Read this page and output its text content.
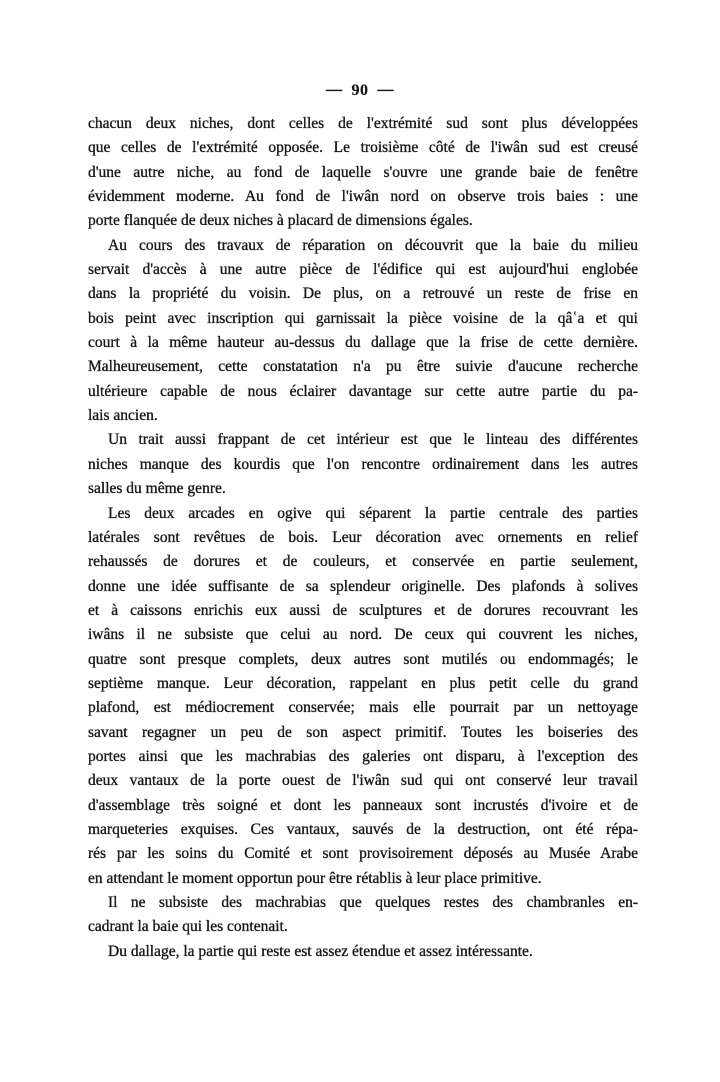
— 90 —
chacun deux niches, dont celles de l'extrémité sud sont plus développées
que celles de l'extrémité opposée. Le troisième côté de l'iwân sud est creusé
d'une autre niche, au fond de laquelle s'ouvre une grande baie de fenêtre
évidemment moderne. Au fond de l'iwân nord on observe trois baies : une
porte flanquée de deux niches à placard de dimensions égales.
Au cours des travaux de réparation on découvrit que la baie du milieu
servait d'accès à une autre pièce de l'édifice qui est aujourd'hui englobée
dans la propriété du voisin. De plus, on a retrouvé un reste de frise en
bois peint avec inscription qui garnissait la pièce voisine de la qâʿa et qui
court à la même hauteur au-dessus du dallage que la frise de cette dernière.
Malheureusement, cette constatation n'a pu être suivie d'aucune recherche
ultérieure capable de nous éclairer davantage sur cette autre partie du pa-
lais ancien.
Un trait aussi frappant de cet intérieur est que le linteau des différentes
niches manque des kourdis que l'on rencontre ordinairement dans les autres
salles du même genre.
Les deux arcades en ogive qui séparent la partie centrale des parties
latérales sont revêtues de bois. Leur décoration avec ornements en relief
rehaussés de dorures et de couleurs, et conservée en partie seulement,
donne une idée suffisante de sa splendeur originelle. Des plafonds à solives
et à caissons enrichis eux aussi de sculptures et de dorures recouvrant les
iwâns il ne subsiste que celui au nord. De ceux qui couvrent les niches,
quatre sont presque complets, deux autres sont mutilés ou endommagés; le
septième manque. Leur décoration, rappelant en plus petit celle du grand
plafond, est médiocrement conservée; mais elle pourrait par un nettoyage
savant regagner un peu de son aspect primitif. Toutes les boiseries des
portes ainsi que les machrabias des galeries ont disparu, à l'exception des
deux vantaux de la porte ouest de l'iwân sud qui ont conservé leur travail
d'assemblage très soigné et dont les panneaux sont incrustés d'ivoire et de
marqueteries exquises. Ces vantaux, sauvés de la destruction, ont été répa-
rés par les soins du Comité et sont provisoirement déposés au Musée Arabe
en attendant le moment opportun pour être rétablis à leur place primitive.
Il ne subsiste des machrabias que quelques restes des chambranles en-
cadrant la baie qui les contenait.
Du dallage, la partie qui reste est assez étendue et assez intéressante.
